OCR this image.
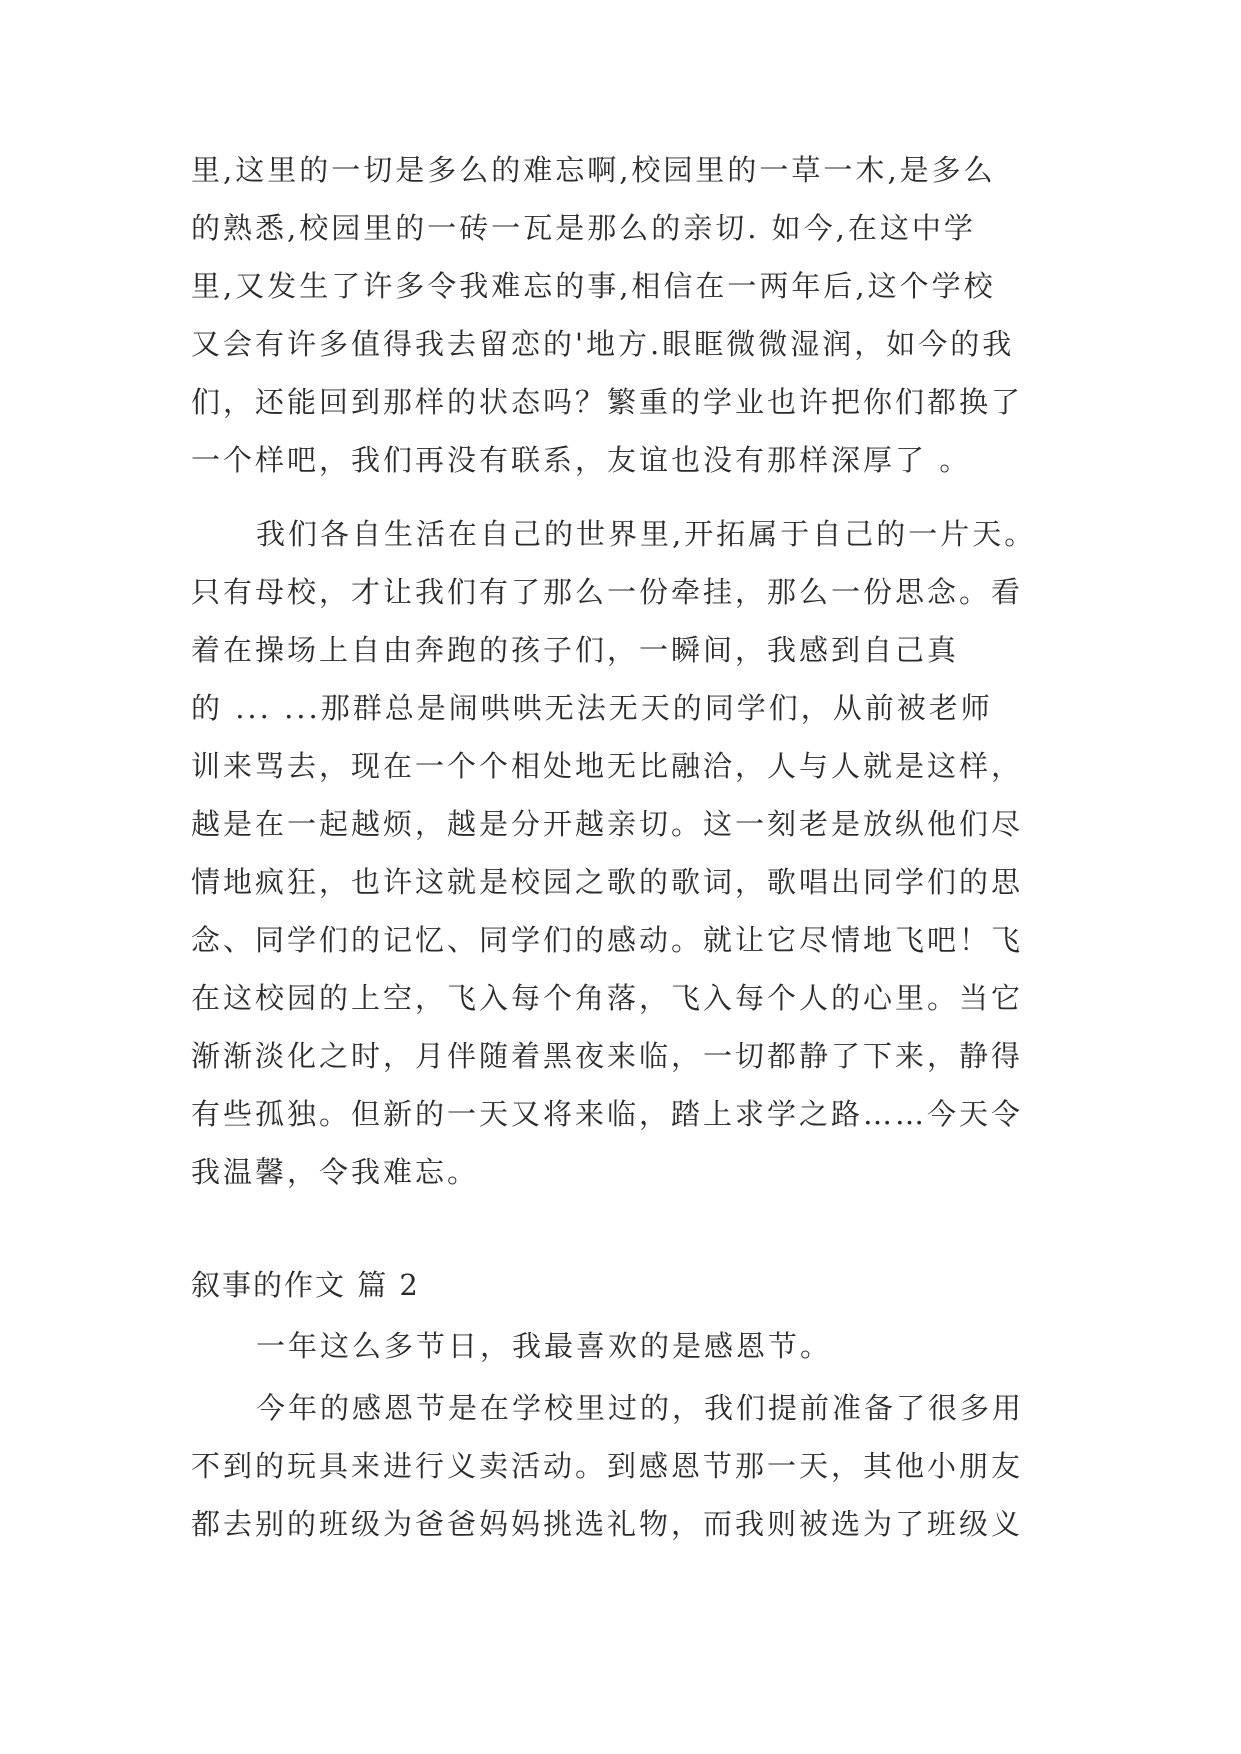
里,这里的一切是多么的难忘啊,校园里的一草一木,是多么
的熟悉,校园里的一砖一瓦是那么的亲切. 如今,在这中学
里,又发生了许多令我难忘的事,相信在一两年后,这个学校
又会有许多值得我去留恋的'地方.眼眶微微湿润，如今的我
们，还能回到那样的状态吗？繁重的学业也许把你们都换了
一个样吧，我们再没有联系，友谊也没有那样深厚了 。
我们各自生活在自己的世界里,开拓属于自己的一片天。
只有母校，才让我们有了那么一份牵挂，那么一份思念。看
着在操场上自由奔跑的孩子们，一瞬间，我感到自己真
的 ... ...那群总是闹哄哄无法无天的同学们，从前被老师
训来骂去，现在一个个相处地无比融洽，人与人就是这样，
越是在一起越烦，越是分开越亲切。这一刻老是放纵他们尽
情地疯狂，也许这就是校园之歌的歌词，歌唱出同学们的思
念、同学们的记忆、同学们的感动。就让它尽情地飞吧！飞
在这校园的上空，飞入每个角落，飞入每个人的心里。当它
渐渐淡化之时，月伴随着黑夜来临，一切都静了下来，静得
有些孤独。但新的一天又将来临，踏上求学之路……今天令
我温馨，令我难忘。
叙事的作文 篇 2
一年这么多节日，我最喜欢的是感恩节。
今年的感恩节是在学校里过的，我们提前准备了很多用
不到的玩具来进行义卖活动。到感恩节那一天，其他小朋友
都去别的班级为爸爸妈妈挑选礼物，而我则被选为了班级义
